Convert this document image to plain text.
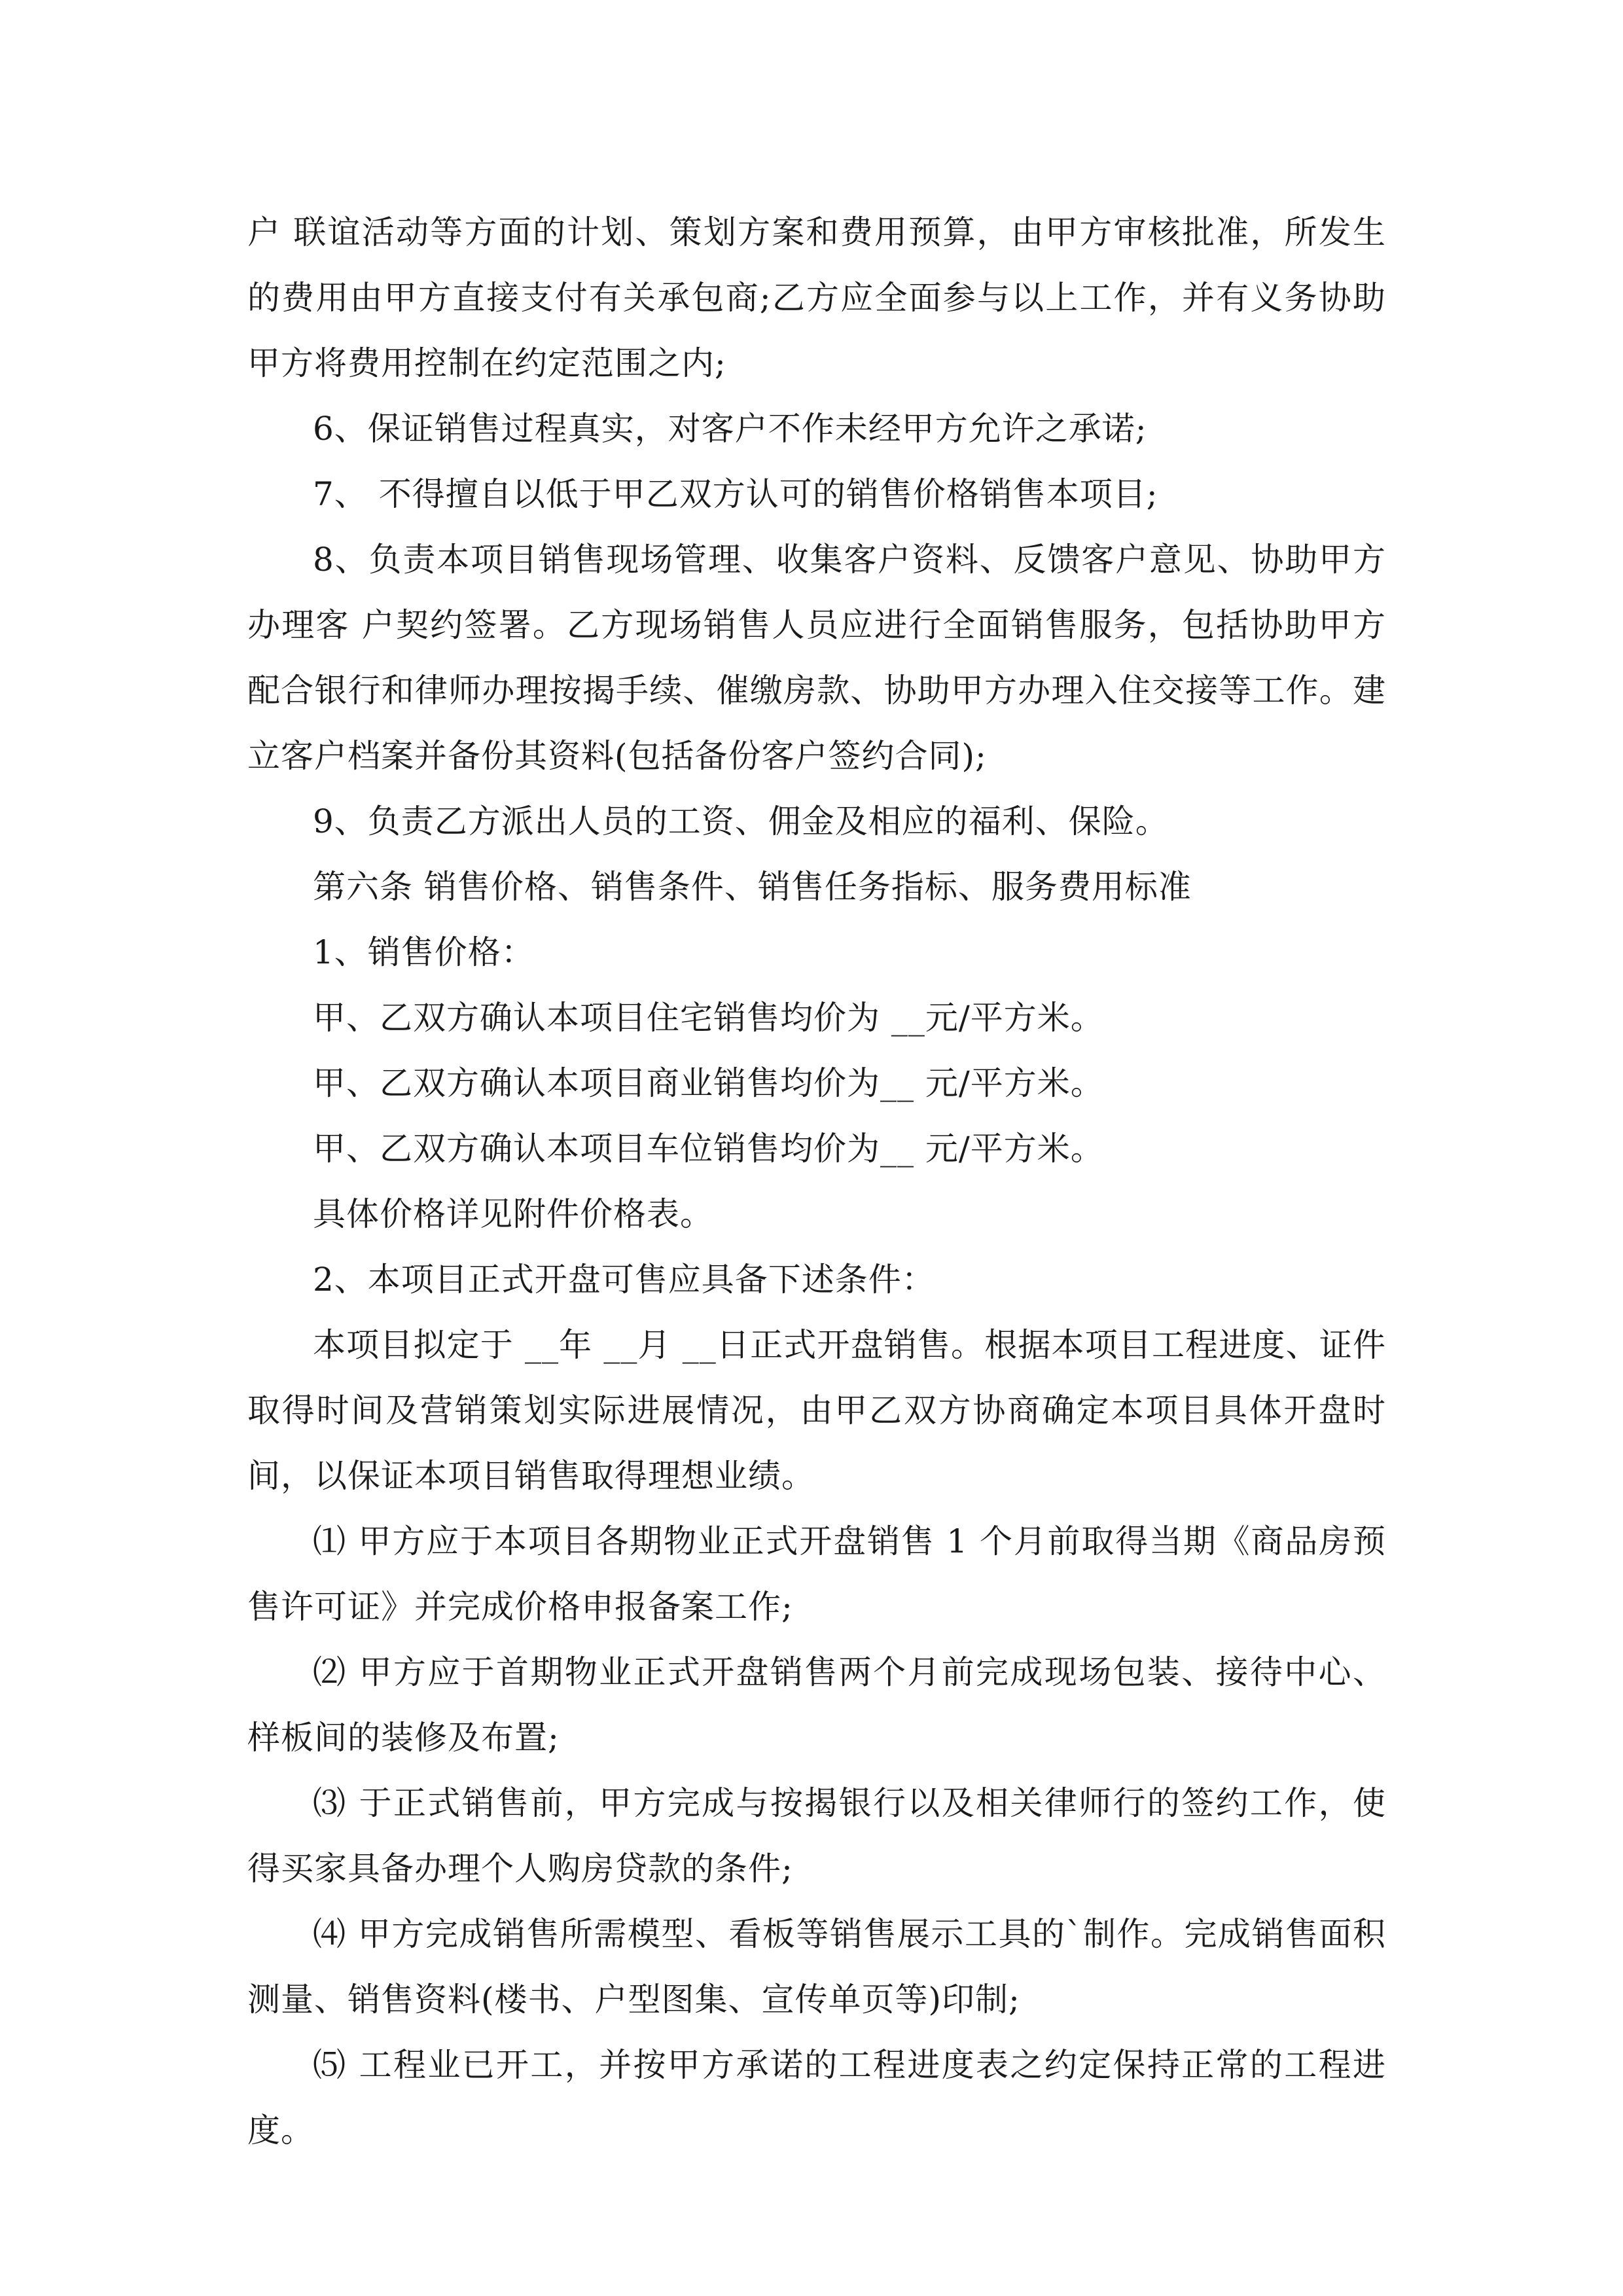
户 联谊活动等方面的计划、策划方案和费用预算，由甲方审核批准，所发生的费用由甲方直接支付有关承包商;乙方应全面参与以上工作，并有义务协助甲方将费用控制在约定范围之内;

6、保证销售过程真实，对客户不作未经甲方允许之承诺;

7、 不得擅自以低于甲乙双方认可的销售价格销售本项目;

8、负责本项目销售现场管理、收集客户资料、反馈客户意见、协助甲方办理客 户契约签署。乙方现场销售人员应进行全面销售服务，包括协助甲方配合银行和律师办理按揭手续、催缴房款、协助甲方办理入住交接等工作。建立客户档案并备份其资料(包括备份客户签约合同);

9、负责乙方派出人员的工资、佣金及相应的福利、保险。

第六条 销售价格、销售条件、销售任务指标、服务费用标准

1、销售价格：

甲、乙双方确认本项目住宅销售均价为 __元/平方米。

甲、乙双方确认本项目商业销售均价为__ 元/平方米。

甲、乙双方确认本项目车位销售均价为__ 元/平方米。

具体价格详见附件价格表。

2、本项目正式开盘可售应具备下述条件：

本项目拟定于 __年 __月 __日正式开盘销售。根据本项目工程进度、证件取得时间及营销策划实际进展情况，由甲乙双方协商确定本项目具体开盘时间，以保证本项目销售取得理想业绩。

⑴ 甲方应于本项目各期物业正式开盘销售 1 个月前取得当期《商品房预售许可证》并完成价格申报备案工作;

⑵ 甲方应于首期物业正式开盘销售两个月前完成现场包装、接待中心、样板间的装修及布置;

⑶ 于正式销售前，甲方完成与按揭银行以及相关律师行的签约工作，使得买家具备办理个人购房贷款的条件;

⑷ 甲方完成销售所需模型、看板等销售展示工具的`制作。完成销售面积测量、销售资料(楼书、户型图集、宣传单页等)印制;

⑸ 工程业已开工，并按甲方承诺的工程进度表之约定保持正常的工程进度。
